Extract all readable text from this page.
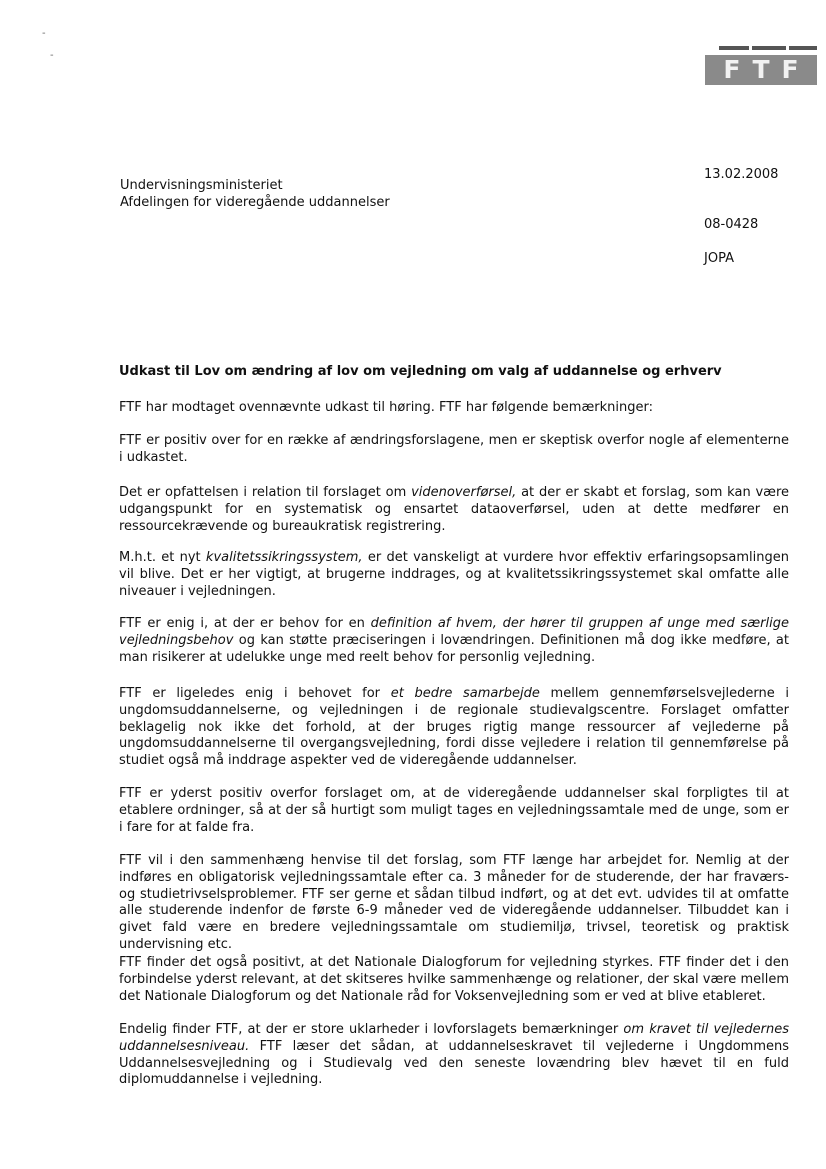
-
-	FTF
Undervisningsministeriet
Afdelingen for videregående uddannelser
13.02.2008
08-0428
JOPA
Udkast til Lov om ændring af lov om vejledning om valg af uddannelse og erhverv
FTF har modtaget ovennævnte udkast til høring. FTF har følgende bemærkninger:
FTF er positiv over for en række af ændringsforslagene, men er skeptisk overfor nogle af elementerne i udkastet.
Det er opfattelsen i relation til forslaget om videnoverførsel, at der er skabt et forslag, som kan være udgangspunkt for en systematisk og ensartet dataoverførsel, uden at dette medfører en ressourcekrævende og bureaukratisk registrering.
M.h.t. et nyt kvalitetssikringssystem, er det vanskeligt at vurdere hvor effektiv erfaringsopsamlingen vil blive. Det er her vigtigt, at brugerne inddrages, og at kvalitetssikringssystemet skal omfatte alle niveauer i vejledningen.
FTF er enig i, at der er behov for en definition af hvem, der hører til gruppen af unge med særlige vejledningsbehov og kan støtte præciseringen i lovændringen. Definitionen må dog ikke medføre, at man risikerer at udelukke unge med reelt behov for personlig vejledning.
FTF er ligeledes enig i behovet for et bedre samarbejde mellem gennemførselsvejlederne i ungdomsuddannelserne, og vejledningen i de regionale studievalgscentre. Forslaget omfatter beklagelig nok ikke det forhold, at der bruges rigtig mange ressourcer af vejlederne på ungdomsuddannelserne til overgangsvejledning, fordi disse vejledere i relation til gennemførelse på studiet også må inddrage aspekter ved de videregående uddannelser.
FTF er yderst positiv overfor forslaget om, at de videregående uddannelser skal forpligtes til at etablere ordninger, så at der så hurtigt som muligt tages en vejledningssamtale med de unge, som er i fare for at falde fra.
FTF vil i den sammenhæng henvise til det forslag, som FTF længe har arbejdet for. Nemlig at der indføres en obligatorisk vejledningssamtale efter ca. 3 måneder for de studerende, der har fraværs- og studietrivselsproblemer. FTF ser gerne et sådan tilbud indført, og at det evt. udvides til at omfatte alle studerende indenfor de første 6-9 måneder ved de videregående uddannelser. Tilbuddet kan i givet fald være en bredere vejledningssamtale om studiemiljø, trivsel, teoretisk og praktisk undervisning etc.
FTF finder det også positivt, at det Nationale Dialogforum for vejledning styrkes. FTF finder det i den forbindelse yderst relevant, at det skitseres hvilke sammenhænge og relationer, der skal være mellem det Nationale Dialogforum og det Nationale råd for Voksenvejledning som er ved at blive etableret.
Endelig finder FTF, at der er store uklarheder i lovforslagets bemærkninger om kravet til vejledernes uddannelsesniveau. FTF læser det sådan, at uddannelseskravet til vejlederne i Ungdommens Uddannelsesvejledning og i Studievalg ved den seneste lovændring blev hævet til en fuld diplomuddannelse i vejledning.
